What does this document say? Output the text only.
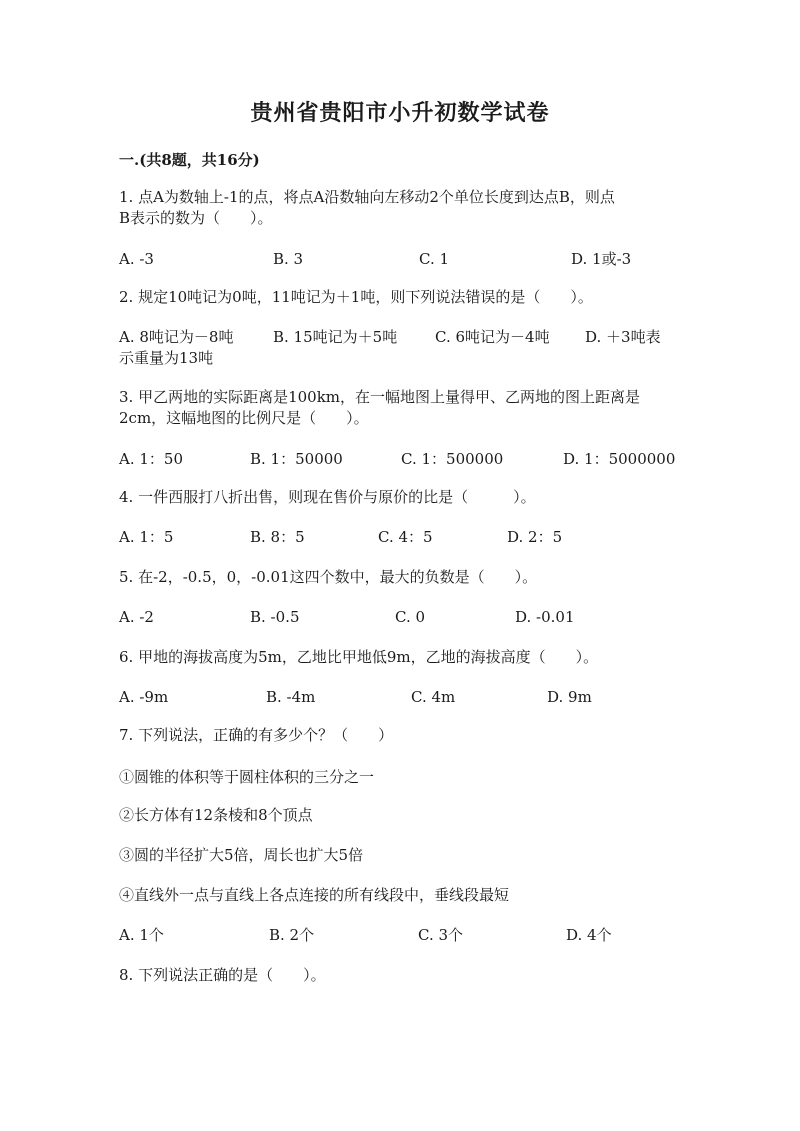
贵州省贵阳市小升初数学试卷
一.(共8题，共16分)
1. 点A为数轴上-1的点，将点A沿数轴向左移动2个单位长度到达点B，则点
B表示的数为（　　）。
A. -3	B. 3	C. 1	D. 1或-3
2. 规定10吨记为0吨，11吨记为＋1吨，则下列说法错误的是（　　）。
A. 8吨记为－8吨	B. 15吨记为＋5吨	C. 6吨记为－4吨 D. ＋3吨表
示重量为13吨
3. 甲乙两地的实际距离是100km，在一幅地图上量得甲、乙两地的图上距离是
2cm，这幅地图的比例尺是（　　）。
A. 1：50	B. 1：50000	C. 1：500000	D. 1：5000000
4. 一件西服打八折出售，则现在售价与原价的比是（　　　）。
A. 1：5	B. 8：5	C. 4：5	D. 2：5
5. 在-2，-0.5，0，-0.01这四个数中，最大的负数是（　　）。
A. -2	B. -0.5	C. 0	D. -0.01
6. 甲地的海拔高度为5m，乙地比甲地低9m，乙地的海拔高度（　　）。
A. -9m	B. -4m	C. 4m	D. 9m
7. 下列说法，正确的有多少个？（　　）
①圆锥的体积等于圆柱体积的三分之一
②长方体有12条棱和8个顶点
③圆的半径扩大5倍，周长也扩大5倍
④直线外一点与直线上各点连接的所有线段中，垂线段最短
A. 1个	B. 2个	C. 3个	D. 4个
8. 下列说法正确的是（　　）。
